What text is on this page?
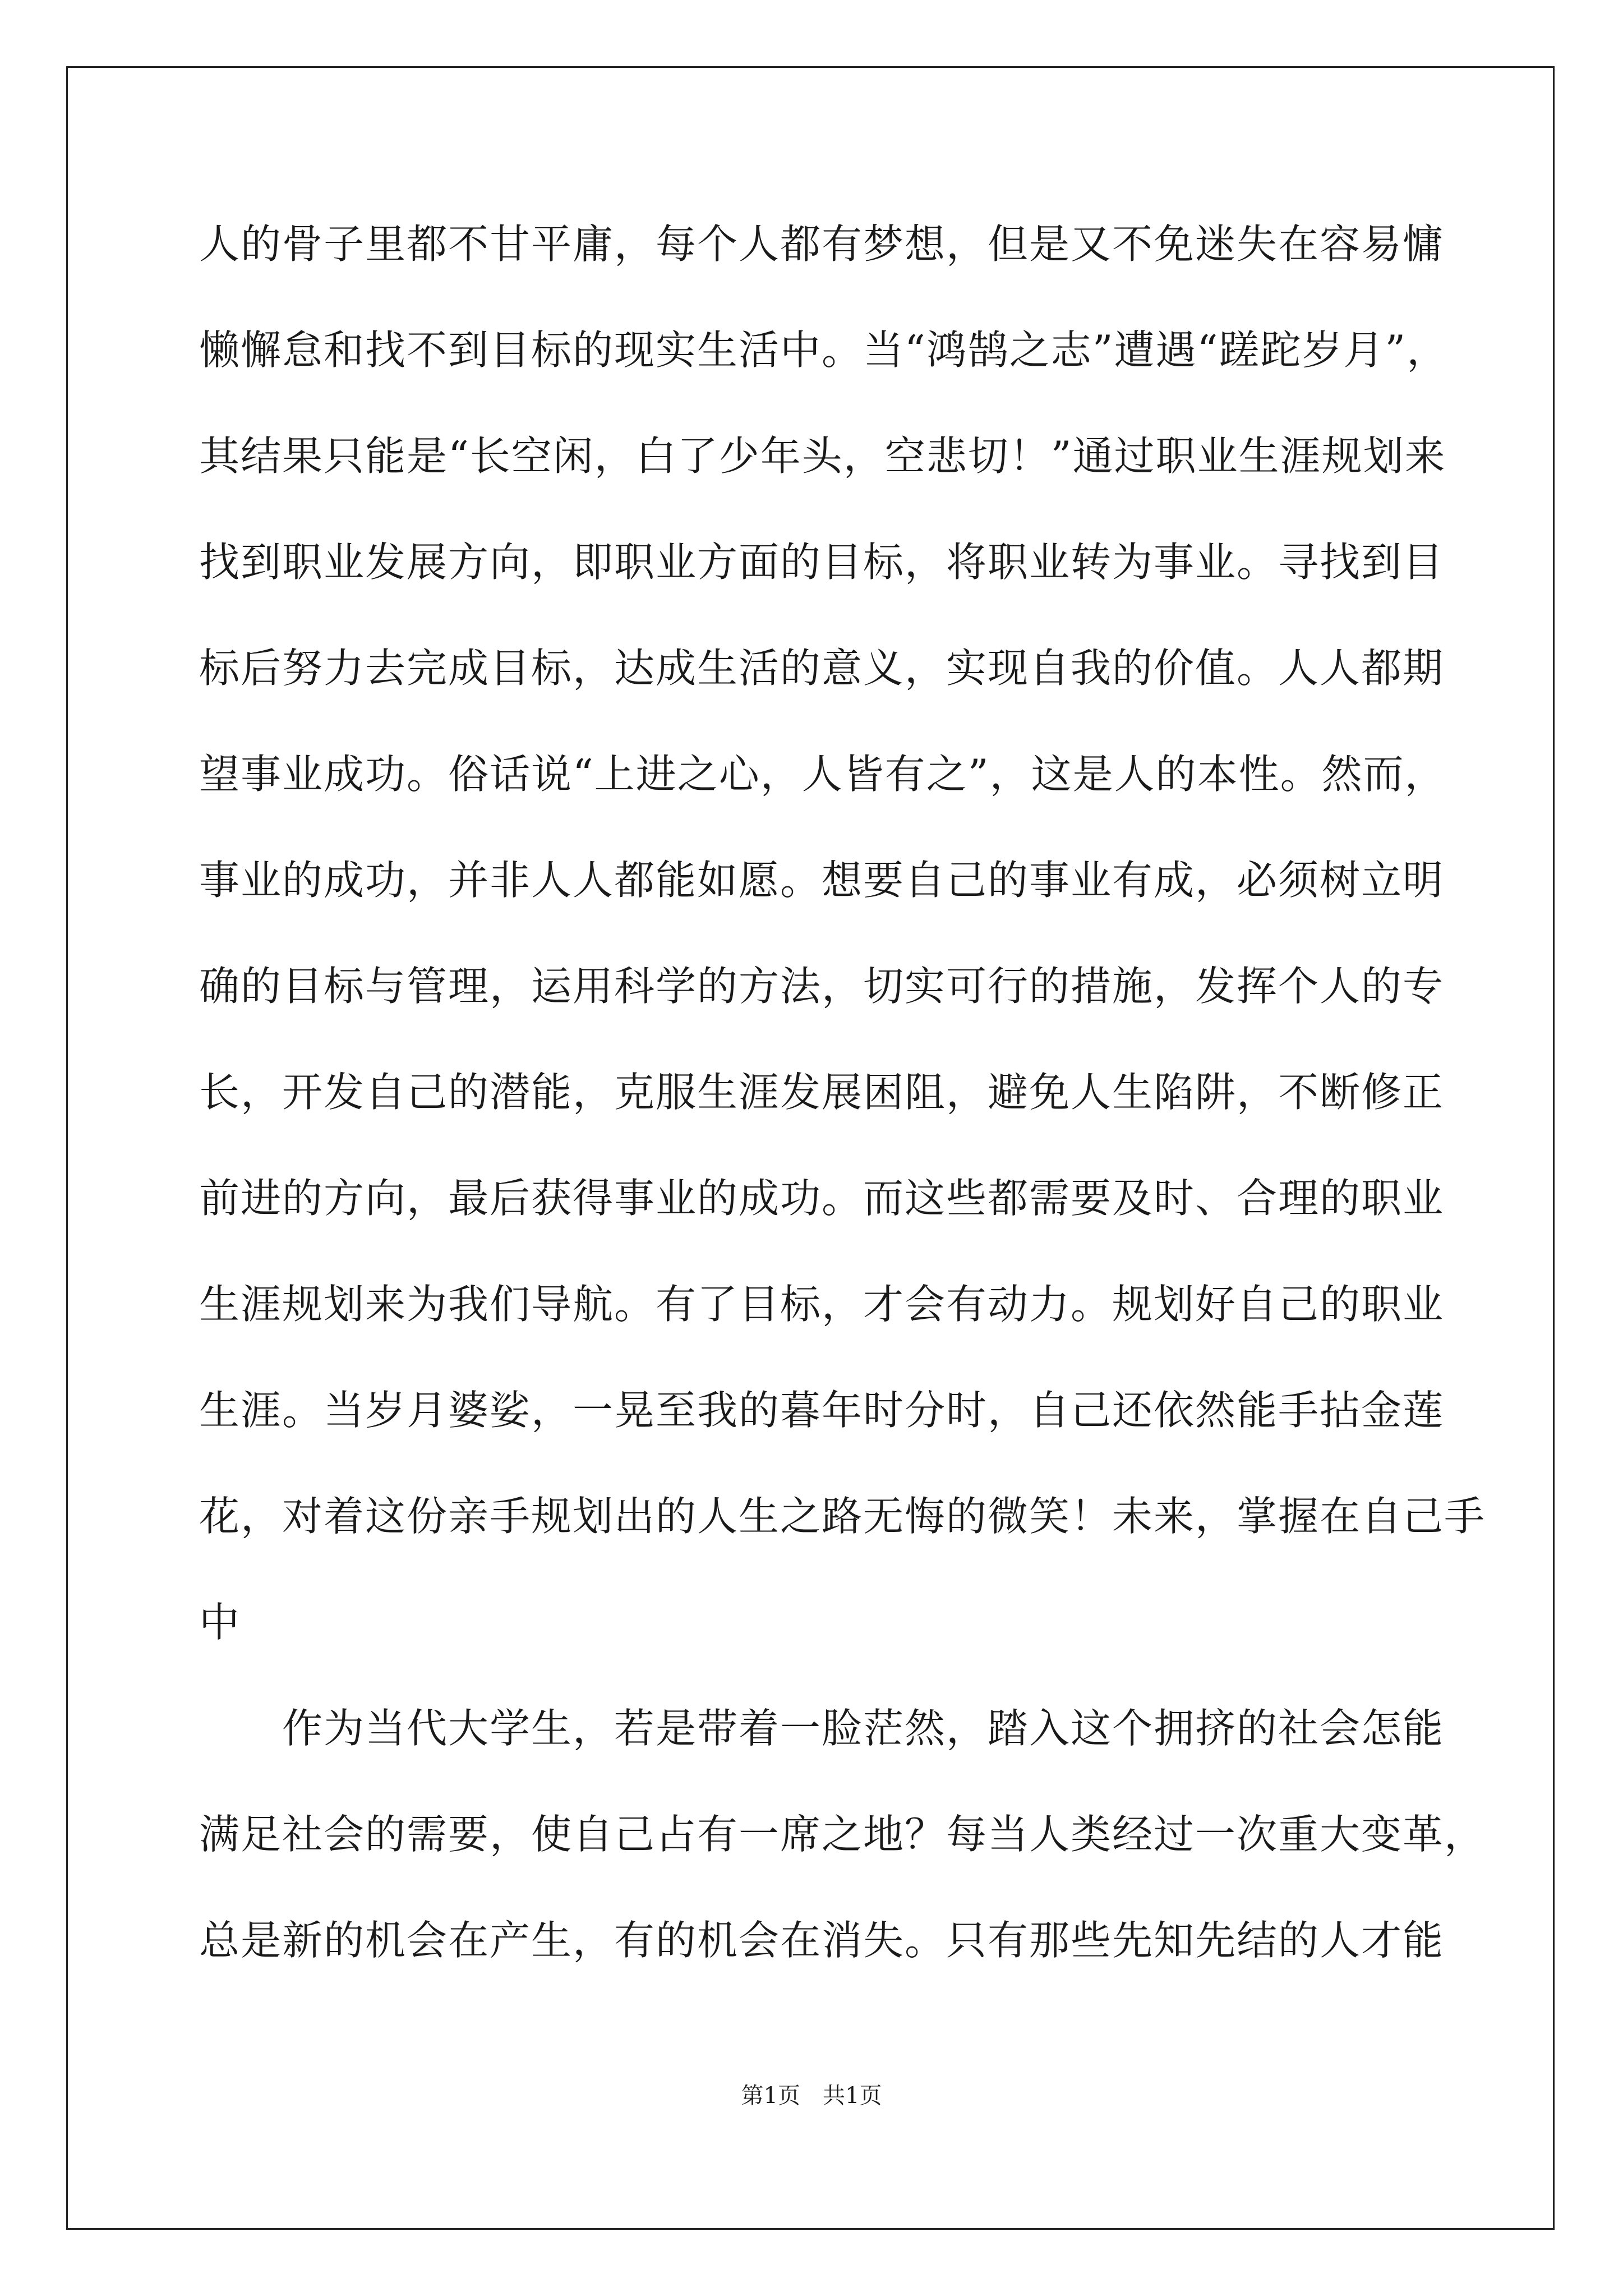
人的骨子里都不甘平庸，每个人都有梦想，但是又不免迷失在容易慵
懒懈怠和找不到目标的现实生活中。当“鸿鹄之志”遭遇“蹉跎岁月”，
其结果只能是“长空闲，白了少年头，空悲切！”通过职业生涯规划来
找到职业发展方向，即职业方面的目标，将职业转为事业。寻找到目
标后努力去完成目标，达成生活的意义，实现自我的价值。人人都期
望事业成功。俗话说“上进之心，人皆有之”，这是人的本性。然而，
事业的成功，并非人人都能如愿。想要自己的事业有成，必须树立明
确的目标与管理，运用科学的方法，切实可行的措施，发挥个人的专
长，开发自己的潜能，克服生涯发展困阻，避免人生陷阱，不断修正
前进的方向，最后获得事业的成功。而这些都需要及时、合理的职业
生涯规划来为我们导航。有了目标，才会有动力。规划好自己的职业
生涯。当岁月婆娑，一晃至我的暮年时分时，自己还依然能手拈金莲
花，对着这份亲手规划出的人生之路无悔的微笑！未来，掌握在自己手
中
　　作为当代大学生，若是带着一脸茫然，踏入这个拥挤的社会怎能
满足社会的需要，使自己占有一席之地？每当人类经过一次重大变革，
总是新的机会在产生，有的机会在消失。只有那些先知先结的人才能
第1页　共1页
